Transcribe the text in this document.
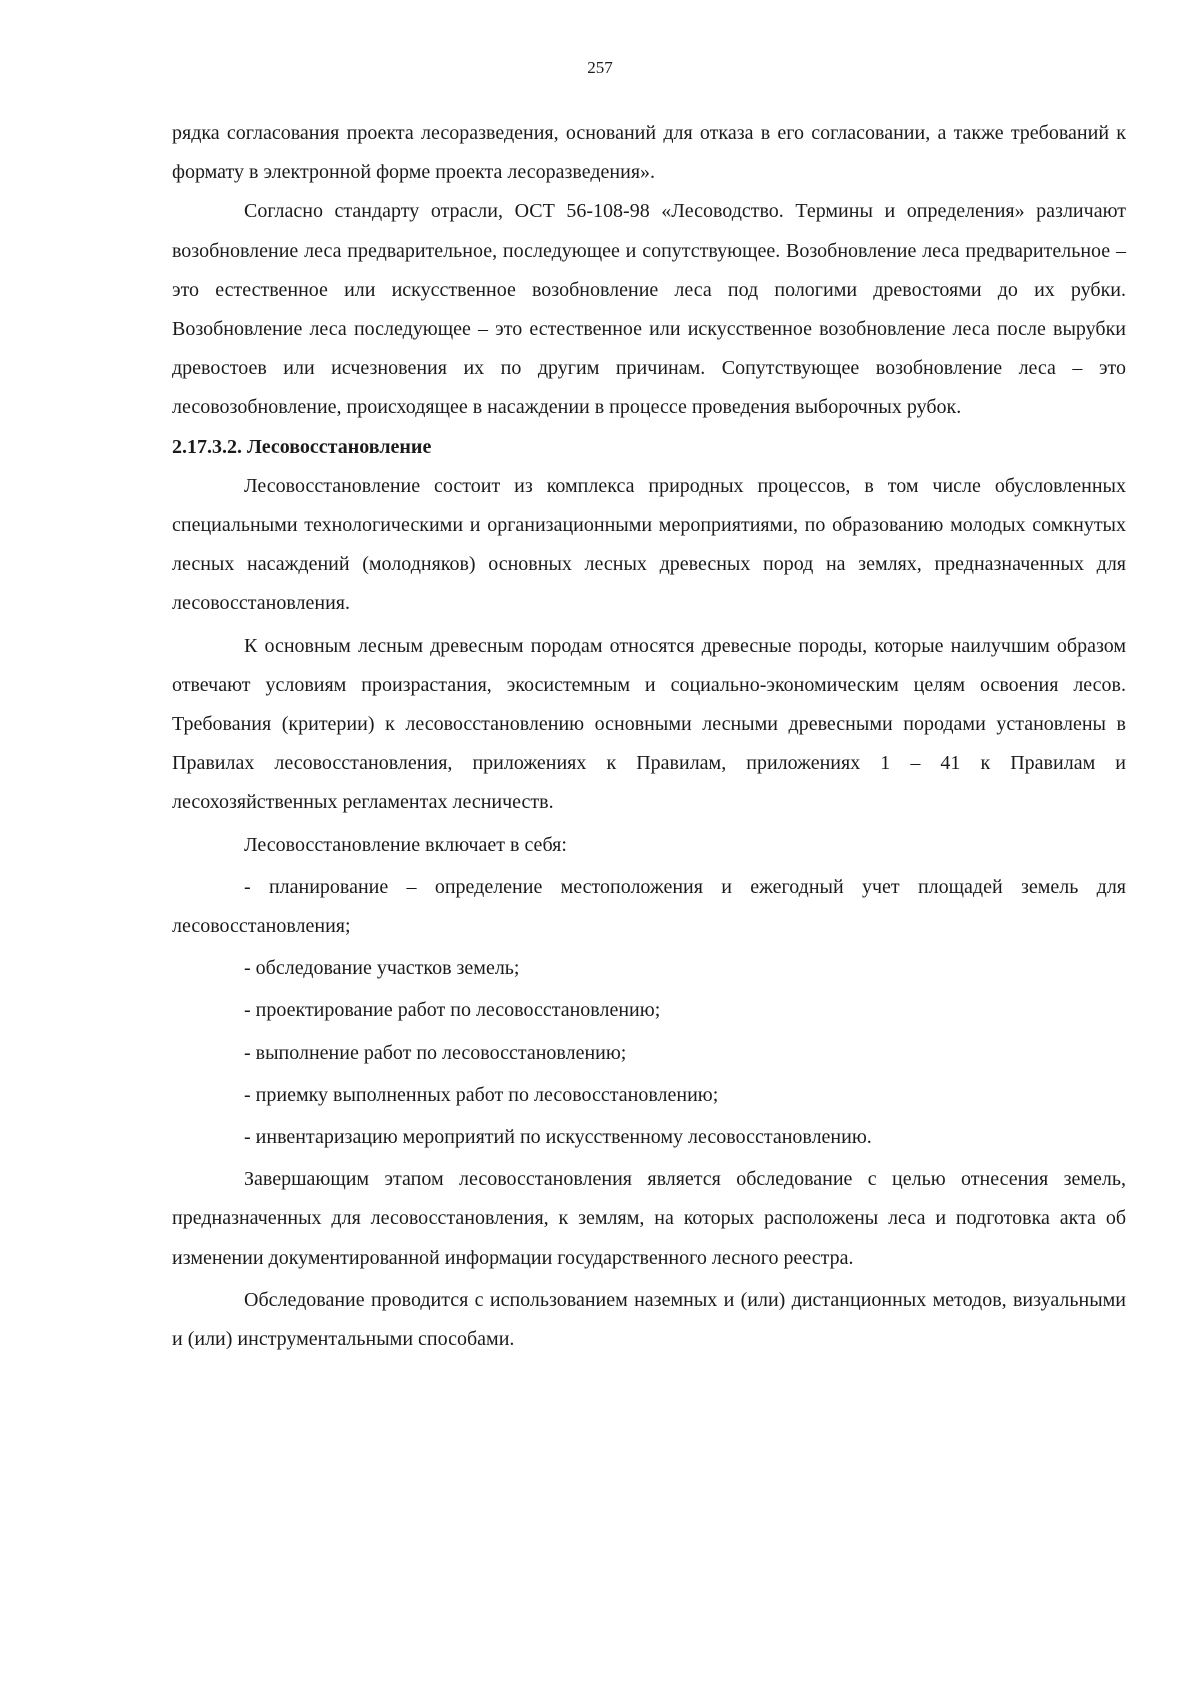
257

рядка согласования проекта лесоразведения, оснований для отказа в его согласовании, а также требований к формату в электронной форме проекта лесоразведения».

Согласно стандарту отрасли, ОСТ 56-108-98 «Лесоводство. Термины и определения» различают возобновление леса предварительное, последующее и сопутствующее. Возобновление леса предварительное – это естественное или искусственное возобновление леса под пологими древостоями до их рубки. Возобновление леса последующее – это естественное или искусственное возобновление леса после вырубки древостоев или исчезновения их по другим причинам. Сопутствующее возобновление леса – это лесовозобновление, происходящее в насаждении в процессе проведения выборочных рубок.

2.17.3.2. Лесовосстановление

Лесовосстановление состоит из комплекса природных процессов, в том числе обусловленных специальными технологическими и организационными мероприятиями, по образованию молодых сомкнутых лесных насаждений (молодняков) основных лесных древесных пород на землях, предназначенных для лесовосстановления.

К основным лесным древесным породам относятся древесные породы, которые наилучшим образом отвечают условиям произрастания, экосистемным и социально-экономическим целям освоения лесов. Требования (критерии) к лесовосстановлению основными лесными древесными породами установлены в Правилах лесовосстановления, приложениях к Правилам, приложениях 1 – 41 к Правилам и лесохозяйственных регламентах лесничеств.

Лесовосстановление включает в себя:

- планирование – определение местоположения и ежегодный учет площадей земель для лесовосстановления;

- обследование участков земель;

- проектирование работ по лесовосстановлению;

- выполнение работ по лесовосстановлению;

- приемку выполненных работ по лесовосстановлению;

- инвентаризацию мероприятий по искусственному лесовосстановлению.

Завершающим этапом лесовосстановления является обследование с целью отнесения земель, предназначенных для лесовосстановления, к землям, на которых расположены леса и подготовка акта об изменении документированной информации государственного лесного реестра.

Обследование проводится с использованием наземных и (или) дистанционных методов, визуальными и (или) инструментальными способами.
